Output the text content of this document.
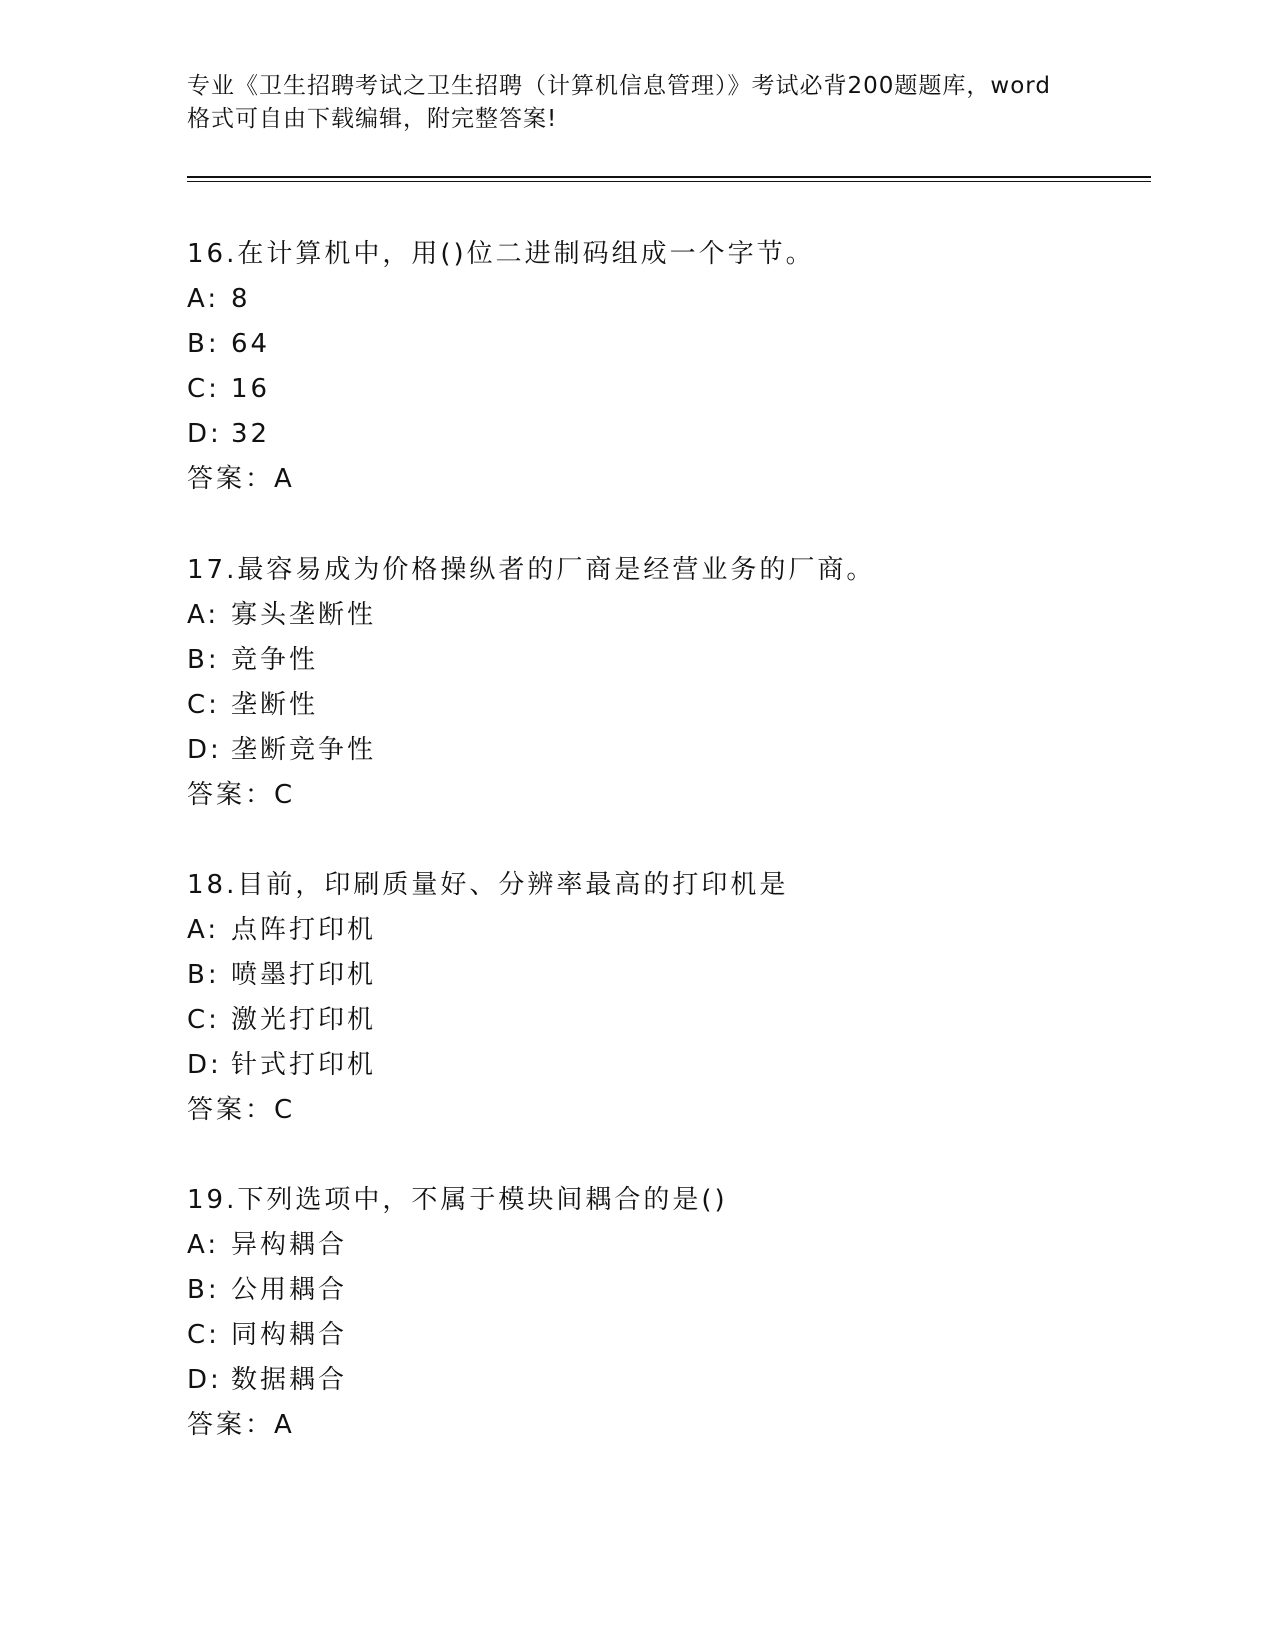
专业《卫生招聘考试之卫生招聘（计算机信息管理）》考试必背200题题库，word
格式可自由下载编辑，附完整答案!
16.在计算机中，用()位二进制码组成一个字节。
A: 8
B: 64
C: 16
D: 32
答案：A
17.最容易成为价格操纵者的厂商是经营业务的厂商。
A: 寡头垄断性
B: 竞争性
C: 垄断性
D: 垄断竞争性
答案：C
18.目前，印刷质量好、分辨率最高的打印机是
A: 点阵打印机
B: 喷墨打印机
C: 激光打印机
D: 针式打印机
答案：C
19.下列选项中，不属于模块间耦合的是()
A: 异构耦合
B: 公用耦合
C: 同构耦合
D: 数据耦合
答案：A
